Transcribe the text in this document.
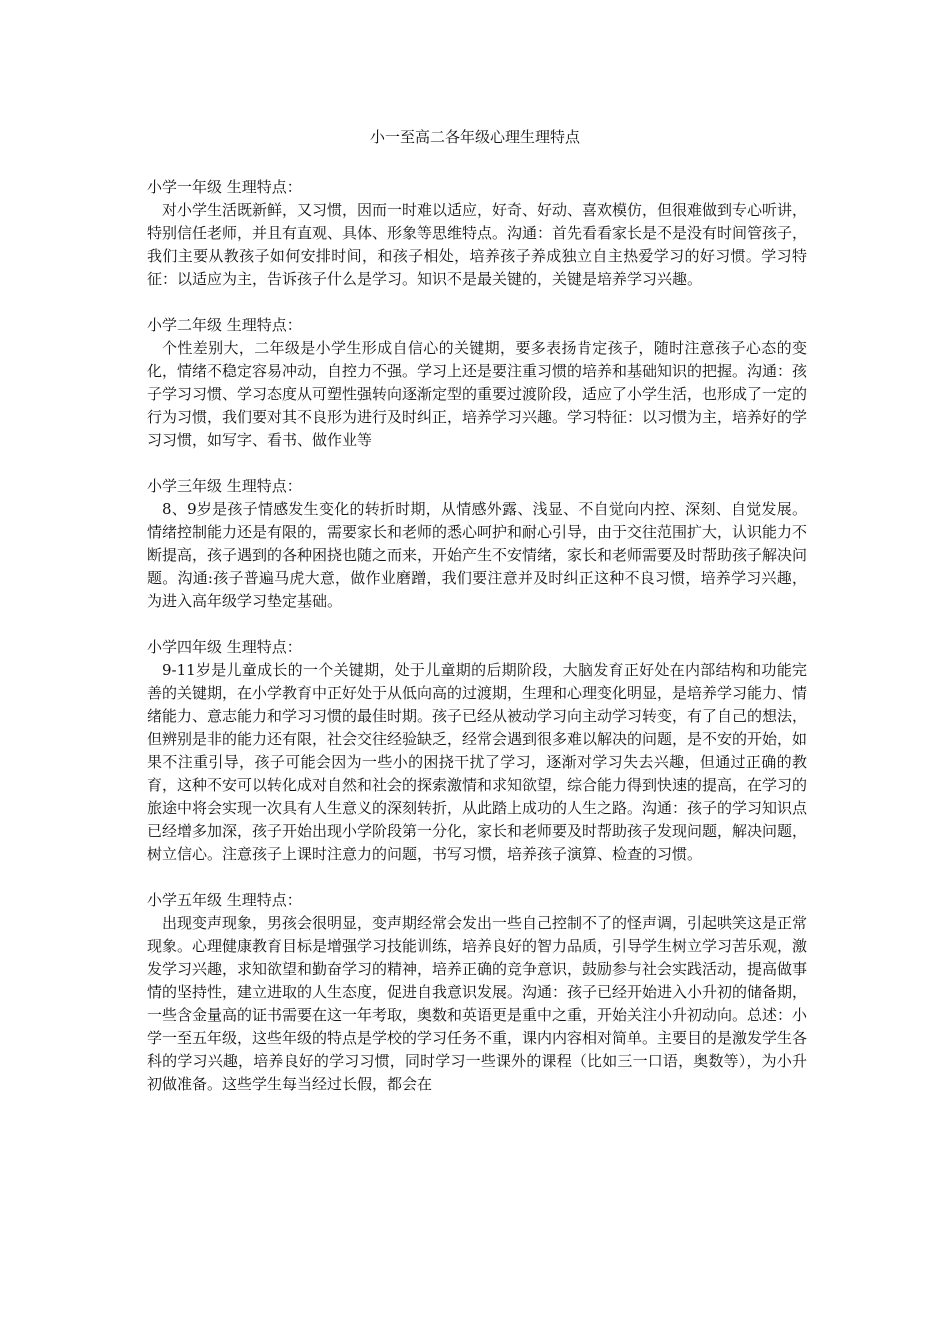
小一至高二各年级心理生理特点

小学一年级 生理特点：

对小学生活既新鲜，又习惯，因而一时难以适应，好奇、好动、喜欢模仿，但很难做到专心听讲，特别信任老师，并且有直观、具体、形象等思维特点。沟通：首先看看家长是不是没有时间管孩子，我们主要从教孩子如何安排时间，和孩子相处，培养孩子养成独立自主热爱学习的好习惯。学习特征：以适应为主，告诉孩子什么是学习。知识不是最关键的，关键是培养学习兴趣。

小学二年级 生理特点：

个性差别大，二年级是小学生形成自信心的关键期，要多表扬肯定孩子，随时注意孩子心态的变化，情绪不稳定容易冲动，自控力不强。学习上还是要注重习惯的培养和基础知识的把握。沟通：孩子学习习惯、学习态度从可塑性强转向逐渐定型的重要过渡阶段，适应了小学生活，也形成了一定的行为习惯，我们要对其不良形为进行及时纠正，培养学习兴趣。学习特征：以习惯为主，培养好的学习习惯，如写字、看书、做作业等

小学三年级 生理特点：

8、9岁是孩子情感发生变化的转折时期，从情感外露、浅显、不自觉向内控、深刻、自觉发展。情绪控制能力还是有限的，需要家长和老师的悉心呵护和耐心引导，由于交往范围扩大，认识能力不断提高，孩子遇到的各种困挠也随之而来，开始产生不安情绪，家长和老师需要及时帮助孩子解决问题。沟通:孩子普遍马虎大意，做作业磨蹭，我们要注意并及时纠正这种不良习惯，培养学习兴趣，为进入高年级学习垫定基础。

小学四年级 生理特点：

9-11岁是儿童成长的一个关键期，处于儿童期的后期阶段，大脑发育正好处在内部结构和功能完善的关键期，在小学教育中正好处于从低向高的过渡期，生理和心理变化明显，是培养学习能力、情绪能力、意志能力和学习习惯的最佳时期。孩子已经从被动学习向主动学习转变，有了自己的想法，但辨别是非的能力还有限，社会交往经验缺乏，经常会遇到很多难以解决的问题，是不安的开始，如果不注重引导，孩子可能会因为一些小的困挠干扰了学习，逐渐对学习失去兴趣，但通过正确的教育，这种不安可以转化成对自然和社会的探索激情和求知欲望，综合能力得到快速的提高，在学习的旅途中将会实现一次具有人生意义的深刻转折，从此踏上成功的人生之路。沟通：孩子的学习知识点已经增多加深，孩子开始出现小学阶段第一分化，家长和老师要及时帮助孩子发现问题，解决问题，树立信心。注意孩子上课时注意力的问题，书写习惯，培养孩子演算、检查的习惯。

小学五年级 生理特点：

出现变声现象，男孩会很明显，变声期经常会发出一些自己控制不了的怪声调，引起哄笑这是正常现象。心理健康教育目标是增强学习技能训练，培养良好的智力品质，引导学生树立学习苦乐观，激发学习兴趣，求知欲望和勤奋学习的精神，培养正确的竞争意识，鼓励参与社会实践活动，提高做事情的坚持性，建立进取的人生态度，促进自我意识发展。沟通：孩子已经开始进入小升初的储备期，一些含金量高的证书需要在这一年考取，奥数和英语更是重中之重，开始关注小升初动向。总述：小学一至五年级，这些年级的特点是学校的学习任务不重，课内内容相对简单。主要目的是激发学生各科的学习兴趣，培养良好的学习习惯，同时学习一些课外的课程（比如三一口语，奥数等），为小升初做准备。这些学生每当经过长假，都会在
